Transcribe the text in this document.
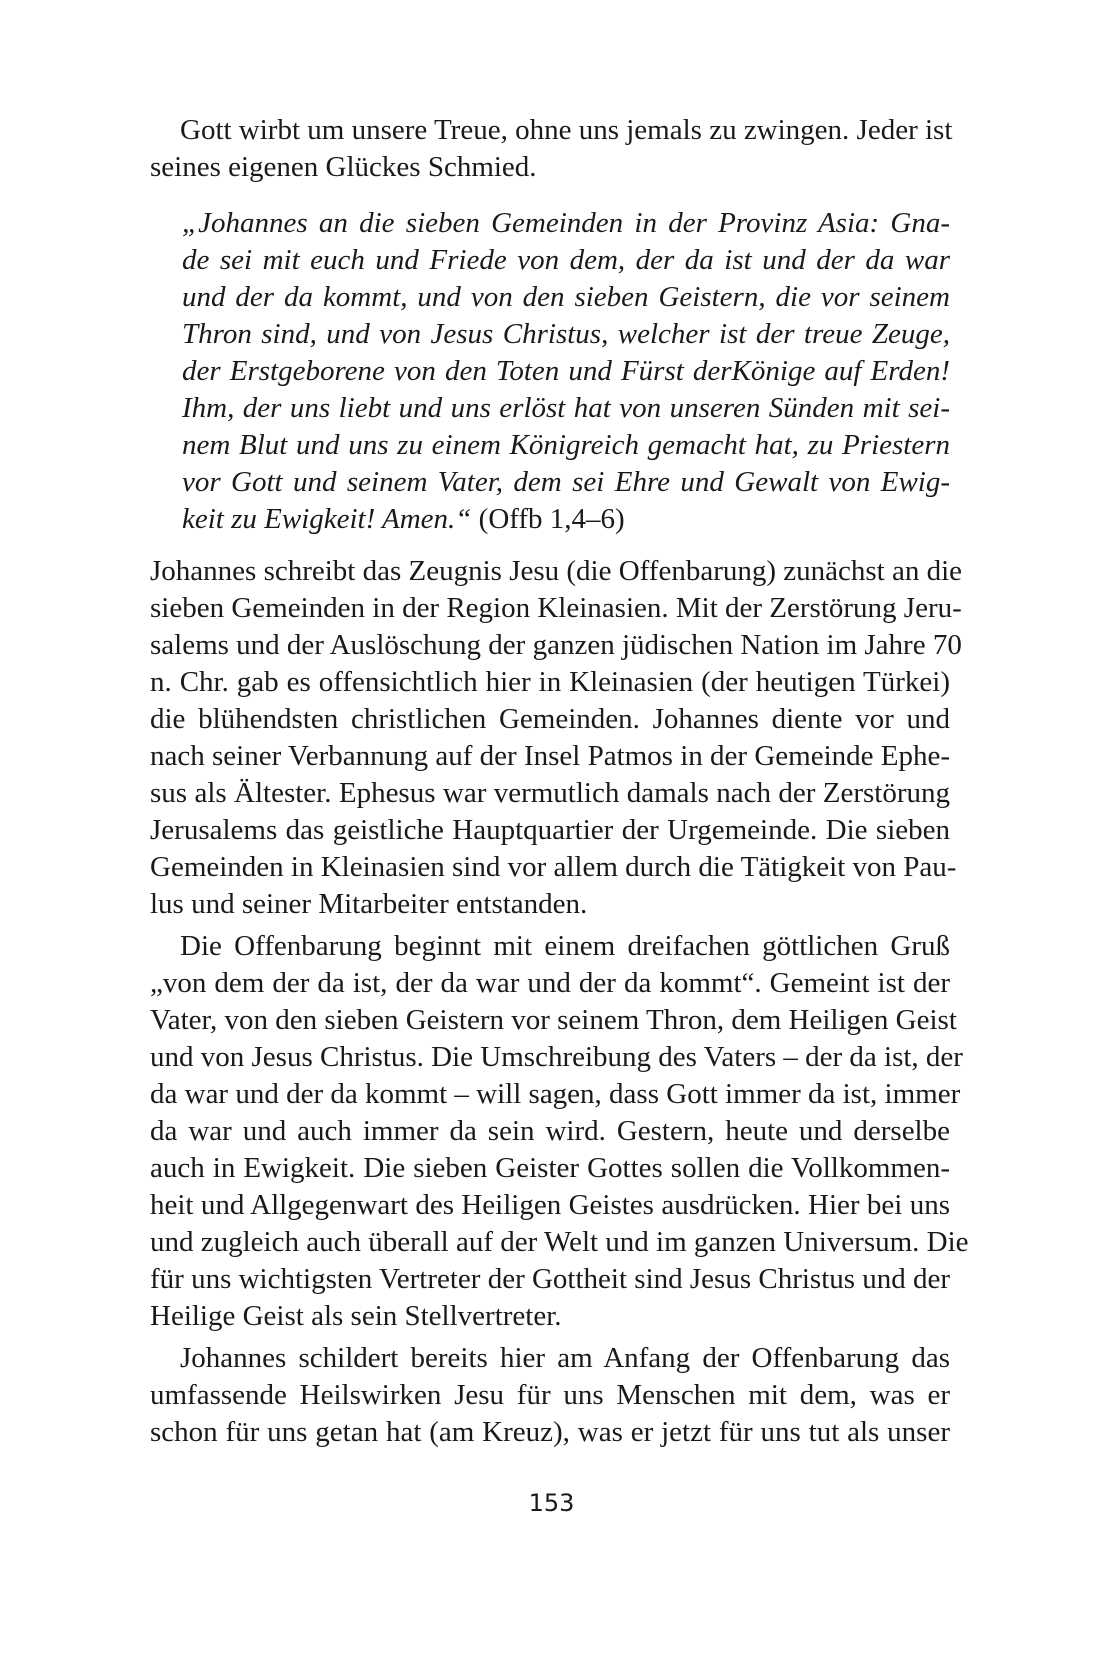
Gott wirbt um unsere Treue, ohne uns jemals zu zwingen. Jeder ist
seines eigenen Glückes Schmied.
„Johannes an die sieben Gemeinden in der Provinz Asia: Gna-
de sei mit euch und Friede von dem, der da ist und der da war
und der da kommt, und von den sieben Geistern, die vor seinem
Thron sind, und von Jesus Christus, welcher ist der treue Zeuge,
der Erstgeborene von den Toten und Fürst derKönige auf Erden!
Ihm, der uns liebt und uns erlöst hat von unseren Sünden mit sei-
nem Blut und uns zu einem Königreich gemacht hat, zu Priestern
vor Gott und seinem Vater, dem sei Ehre und Gewalt von Ewig-
keit zu Ewigkeit! Amen.“ (Offb 1,4–6)
Johannes schreibt das Zeugnis Jesu (die Offenbarung) zunächst an die
sieben Gemeinden in der Region Kleinasien. Mit der Zerstörung Jeru-
salems und der Auslöschung der ganzen jüdischen Nation im Jahre 70
n. Chr. gab es offensichtlich hier in Kleinasien (der heutigen Türkei)
die blühendsten christlichen Gemeinden. Johannes diente vor und
nach seiner Verbannung auf der Insel Patmos in der Gemeinde Ephe-
sus als Ältester. Ephesus war vermutlich damals nach der Zerstörung
Jerusalems das geistliche Hauptquartier der Urgemeinde. Die sieben
Gemeinden in Kleinasien sind vor allem durch die Tätigkeit von Pau-
lus und seiner Mitarbeiter entstanden.
Die Offenbarung beginnt mit einem dreifachen göttlichen Gruß
„von dem der da ist, der da war und der da kommt“. Gemeint ist der
Vater, von den sieben Geistern vor seinem Thron, dem Heiligen Geist
und von Jesus Christus. Die Umschreibung des Vaters – der da ist, der
da war und der da kommt – will sagen, dass Gott immer da ist, immer
da war und auch immer da sein wird. Gestern, heute und derselbe
auch in Ewigkeit. Die sieben Geister Gottes sollen die Vollkommen-
heit und Allgegenwart des Heiligen Geistes ausdrücken. Hier bei uns
und zugleich auch überall auf der Welt und im ganzen Universum. Die
für uns wichtigsten Vertreter der Gottheit sind Jesus Christus und der
Heilige Geist als sein Stellvertreter.
Johannes schildert bereits hier am Anfang der Offenbarung das
umfassende Heilswirken Jesu für uns Menschen mit dem, was er
schon für uns getan hat (am Kreuz), was er jetzt für uns tut als unser
153
